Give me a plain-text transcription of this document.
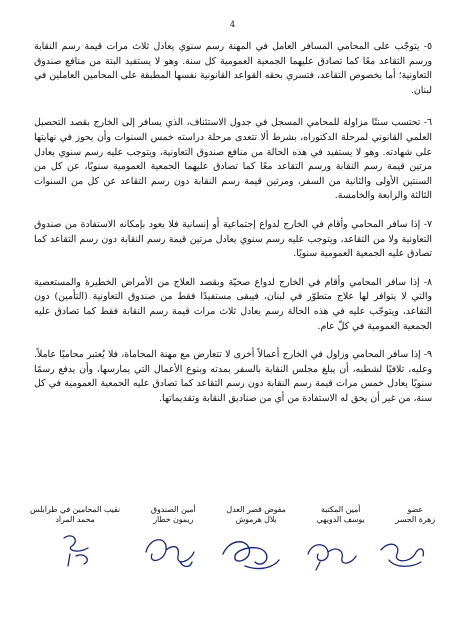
4

٥- يتوجّب على المحامي المسافر العامل في المهنة رسم سنوي يعادل ثلاث مرات قيمة رسم النقابة ورسم التقاعد معًا كما تصادق عليهما الجمعية العمومية كل سنة. وهو لا يستفيد البتة من منافع صندوق التعاونية؛ أما بخصوص التقاعد، فتسري بحقه القواعد القانونية نفسها المطبقة على المحامين العاملين في لبنان.

٦- تحتسب سنتًا مزاولة للمحامي المسجل في جدول الاستئناف، الذي يسافر إلى الخارج بقصد التحصيل العلمي القانوني لمرحلة الدكتوراه، بشرط ألا تتعدى مرحلة دراسته خمس السنوات وأن يحوز في نهايتها على شهادته. وهو لا يستفيد في هذه الحالة من منافع صندوق التعاونية، ويتوجب عليه رسم سنوي يعادل مرتين قيمة رسم النقابة ورسم التقاعد معًا كما تصادق عليهما الجمعية العمومية سنويًا، عن كل من السنتين الأولى والثانية من السفر، ومرتين قيمة رسم النقابة دون رسم التقاعد عن كل من السنوات الثالثة والرابعة والخامسة.

٧- إذا سافر المحامي وأقام في الخارج لدواع إجتماعية أو إنسانية فلا يعود بإمكانه الاستفادة من صندوق التعاونية ولا من التقاعد، ويتوجب عليه رسم سنوي يعادل مرتين قيمة رسم النقابة دون رسم التقاعد كما تصادق عليه الجمعية العمومية سنويًا.

٨- إذا سافر المحامي وأقام في الخارج لدواع صحيّة وبقصد العلاج من الأمراض الخطيرة والمستعصية والتي لا يتوافر لها علاج متطوّر في لبنان، فيبقى مستفيدًا فقط من صندوق التعاونية (التأمين) دون التقاعد، ويتوجّب عليه في هذه الحالة رسم يعادل ثلاث مرات قيمة رسم النقابة فقط كما تصادق عليه الجمعية العمومية في كلّ عام.

٩- إذا سافر المحامي وزاول في الخارج أعمالاً أخرى لا تتعارض مع مهنة المحاماة، فلا يُعتبر محاميًا عاملاً. وعليه، تلافيًا لشطبه، أن يبلغ مجلس النقابة بالسفر بمدته وبنوع الأعمال التي يمارسها، وأن يدفع رسمًا سنويًا يعادل خمس مرات قيمة رسم النقابة دون رسم التقاعد كما تصادق عليه الجمعية العمومية في كل سنة، من غير أن يحق له الاستفادة من أي من صناديق النقابة وتقديماتها.

عضو
زهرة الجسر
أمين المكتبة
يوسف الدويهي
مفوض قصر العدل
بلال هرموش
أمين الصندوق
ريمون خطار
نقيب المحامين في طرابلس
محمد المراد
